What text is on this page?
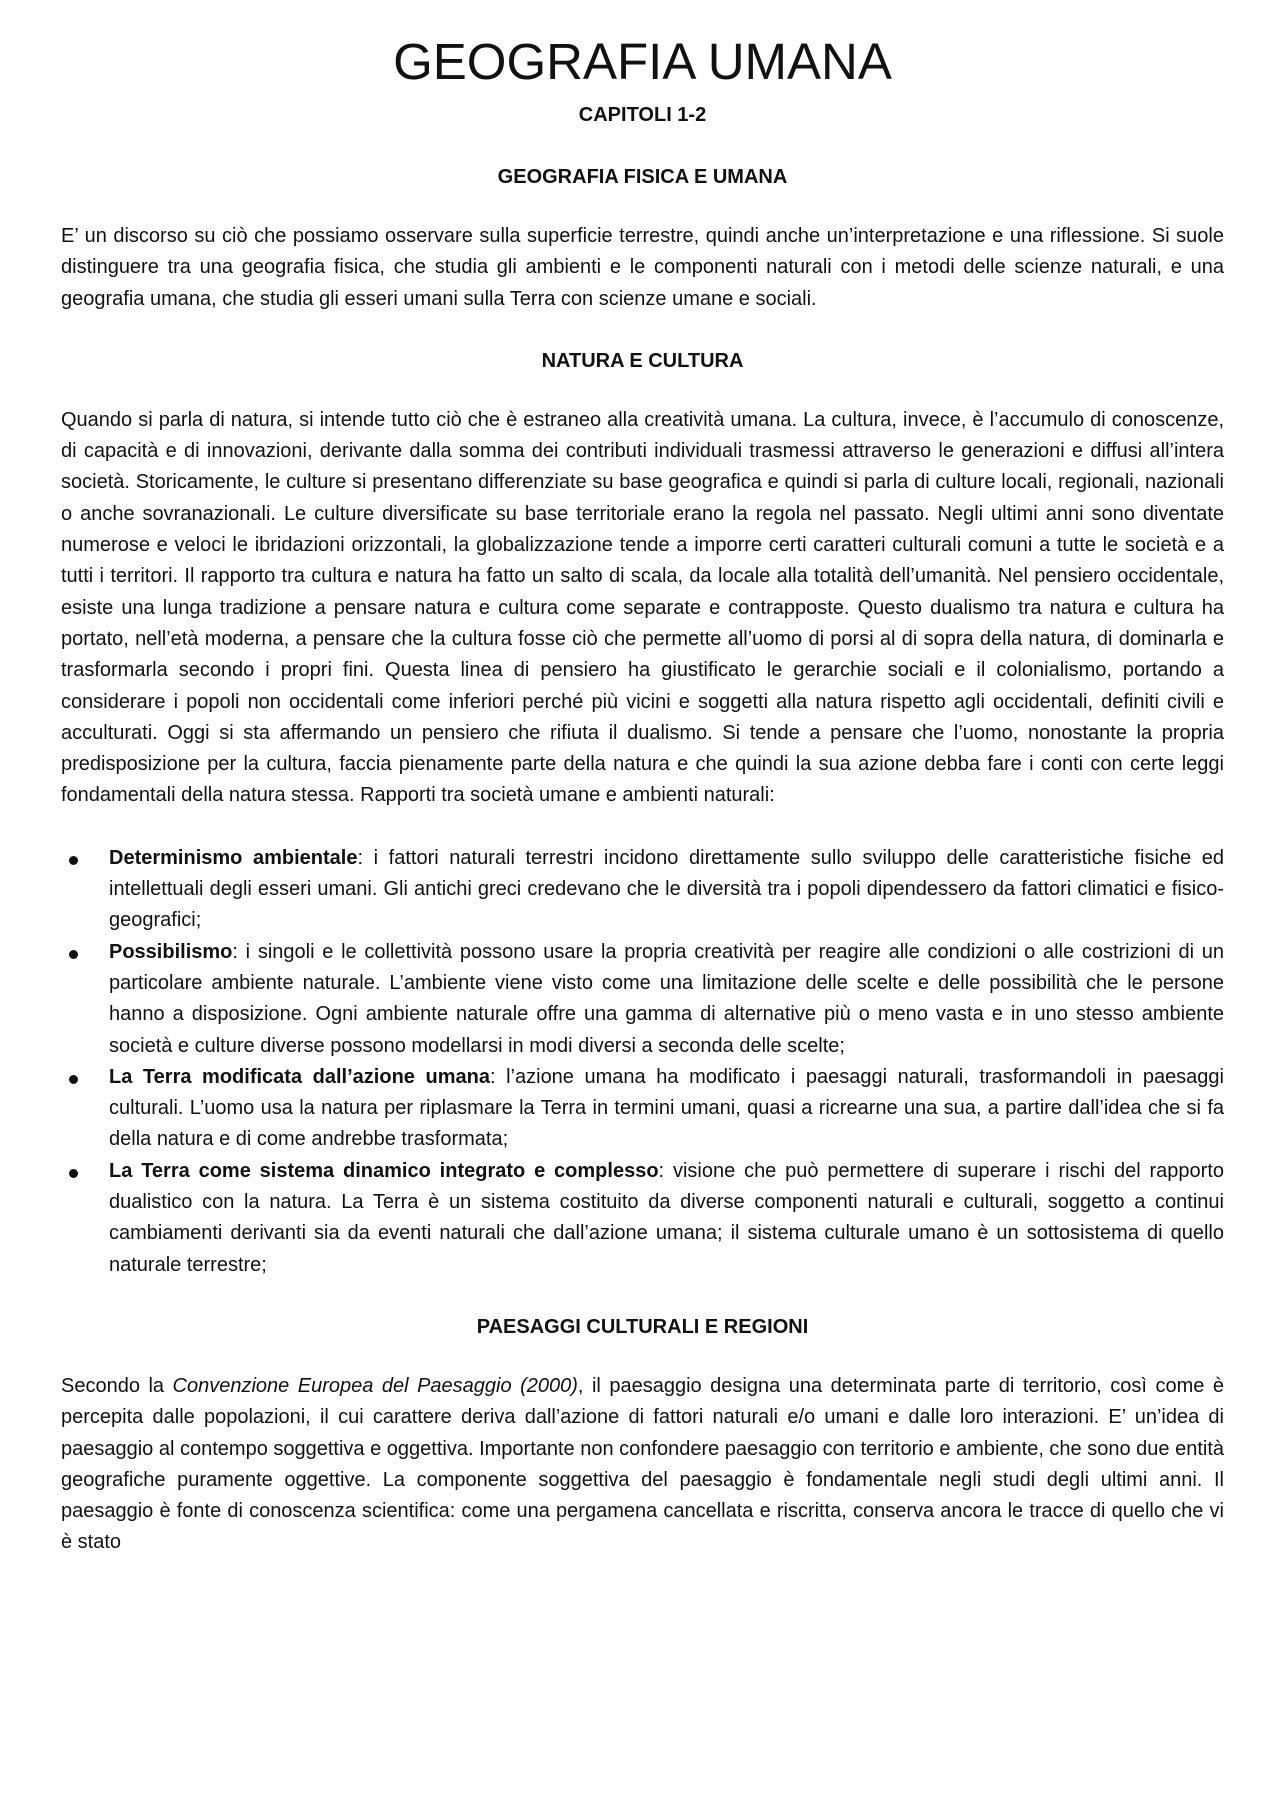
GEOGRAFIA UMANA
CAPITOLI 1-2
GEOGRAFIA FISICA E UMANA

E’ un discorso su ciò che possiamo osservare sulla superficie terrestre, quindi anche un’interpretazione e una riflessione. Si suole distinguere tra una geografia fisica, che studia gli ambienti e le componenti naturali con i metodi delle scienze naturali, e una geografia umana, che studia gli esseri umani sulla Terra con scienze umane e sociali.

NATURA E CULTURA

Quando si parla di natura, si intende tutto ciò che è estraneo alla creatività umana. La cultura, invece, è l’accumulo di conoscenze, di capacità e di innovazioni, derivante dalla somma dei contributi individuali trasmessi attraverso le generazioni e diffusi all’intera società. Storicamente, le culture si presentano differenziate su base geografica e quindi si parla di culture locali, regionali, nazionali o anche sovranazionali. Le culture diversificate su base territoriale erano la regola nel passato. Negli ultimi anni sono diventate numerose e veloci le ibridazioni orizzontali, la globalizzazione tende a imporre certi caratteri culturali comuni a tutte le società e a tutti i territori. Il rapporto tra cultura e natura ha fatto un salto di scala, da locale alla totalità dell’umanità. Nel pensiero occidentale, esiste una lunga tradizione a pensare natura e cultura come separate e contrapposte. Questo dualismo tra natura e cultura ha portato, nell’età moderna, a pensare che la cultura fosse ciò che permette all’uomo di porsi al di sopra della natura, di dominarla e trasformarla secondo i propri fini. Questa linea di pensiero ha giustificato le gerarchie sociali e il colonialismo, portando a considerare i popoli non occidentali come inferiori perché più vicini e soggetti alla natura rispetto agli occidentali, definiti civili e acculturati. Oggi si sta affermando un pensiero che rifiuta il dualismo. Si tende a pensare che l’uomo, nonostante la propria predisposizione per la cultura, faccia pienamente parte della natura e che quindi la sua azione debba fare i conti con certe leggi fondamentali della natura stessa. Rapporti tra società umane e ambienti naturali:

Determinismo ambientale: i fattori naturali terrestri incidono direttamente sullo sviluppo delle caratteristiche fisiche ed intellettuali degli esseri umani. Gli antichi greci credevano che le diversità tra i popoli dipendessero da fattori climatici e fisico-geografici;
Possibilismo: i singoli e le collettività possono usare la propria creatività per reagire alle condizioni o alle costrizioni di un particolare ambiente naturale. L’ambiente viene visto come una limitazione delle scelte e delle possibilità che le persone hanno a disposizione. Ogni ambiente naturale offre una gamma di alternative più o meno vasta e in uno stesso ambiente società e culture diverse possono modellarsi in modi diversi a seconda delle scelte;
La Terra modificata dall’azione umana: l’azione umana ha modificato i paesaggi naturali, trasformandoli in paesaggi culturali. L’uomo usa la natura per riplasmare la Terra in termini umani, quasi a ricrearne una sua, a partire dall’idea che si fa della natura e di come andrebbe trasformata;
La Terra come sistema dinamico integrato e complesso: visione che può permettere di superare i rischi del rapporto dualistico con la natura. La Terra è un sistema costituito da diverse componenti naturali e culturali, soggetto a continui cambiamenti derivanti sia da eventi naturali che dall’azione umana; il sistema culturale umano è un sottosistema di quello naturale terrestre;
PAESAGGI CULTURALI E REGIONI

Secondo la Convenzione Europea del Paesaggio (2000), il paesaggio designa una determinata parte di territorio, così come è percepita dalle popolazioni, il cui carattere deriva dall’azione di fattori naturali e/o umani e dalle loro interazioni. E’ un’idea di paesaggio al contempo soggettiva e oggettiva. Importante non confondere paesaggio con territorio e ambiente, che sono due entità geografiche puramente oggettive. La componente soggettiva del paesaggio è fondamentale negli studi degli ultimi anni. Il paesaggio è fonte di conoscenza scientifica: come una pergamena cancellata e riscritta, conserva ancora le tracce di quello che vi è stato
